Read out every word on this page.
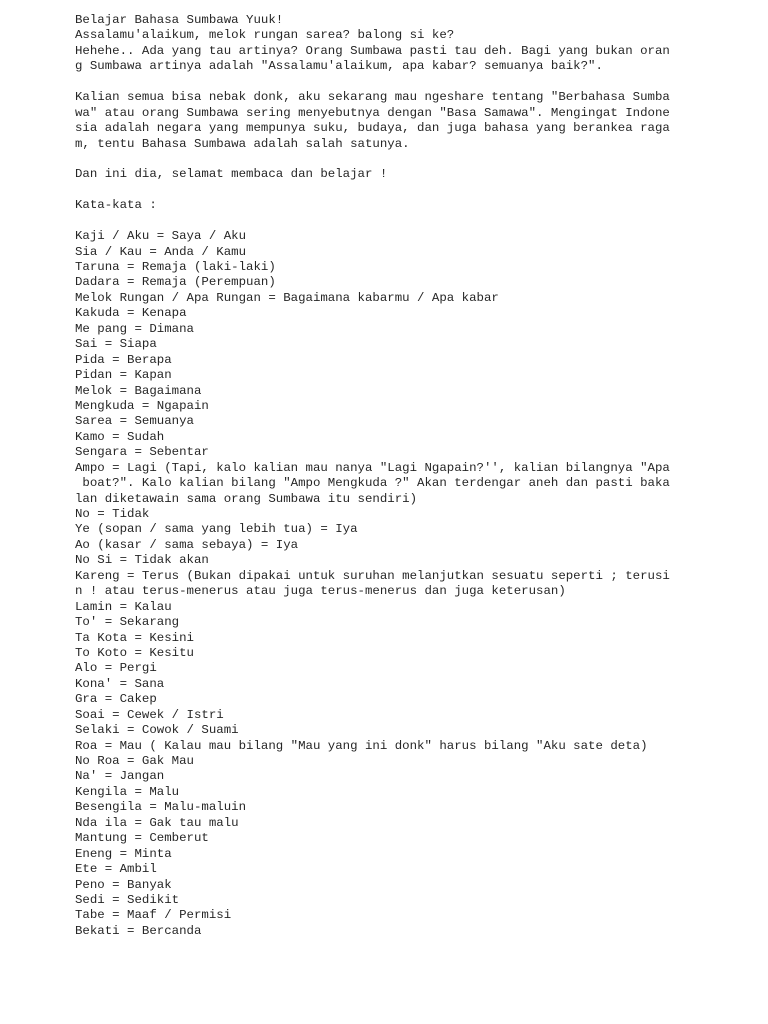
Belajar Bahasa Sumbawa Yuuk!
Assalamu'alaikum, melok rungan sarea? balong si ke?
Hehehe.. Ada yang tau artinya? Orang Sumbawa pasti tau deh. Bagi yang bukan oran
g Sumbawa artinya adalah "Assalamu'alaikum, apa kabar? semuanya baik?".
Kalian semua bisa nebak donk, aku sekarang mau ngeshare tentang "Berbahasa Sumba
wa" atau orang Sumbawa sering menyebutnya dengan "Basa Samawa". Mengingat Indone
sia adalah negara yang mempunya suku, budaya, dan juga bahasa yang berankea raga
m, tentu Bahasa Sumbawa adalah salah satunya.
Dan ini dia, selamat membaca dan belajar !
Kata-kata :
Kaji / Aku = Saya / Aku
Sia / Kau = Anda / Kamu
Taruna = Remaja (laki-laki)
Dadara = Remaja (Perempuan)
Melok Rungan / Apa Rungan = Bagaimana kabarmu / Apa kabar
Kakuda = Kenapa
Me pang = Dimana
Sai = Siapa
Pida = Berapa
Pidan = Kapan
Melok = Bagaimana
Mengkuda = Ngapain
Sarea = Semuanya
Kamo = Sudah
Sengara = Sebentar
Ampo = Lagi (Tapi, kalo kalian mau nanya "Lagi Ngapain?'', kalian bilangnya "Apa
boat?". Kalo kalian bilang "Ampo Mengkuda ?" Akan terdengar aneh dan pasti baka
lan diketawain sama orang Sumbawa itu sendiri)
No = Tidak
Ye (sopan / sama yang lebih tua) = Iya
Ao (kasar / sama sebaya) = Iya
No Si = Tidak akan
Kareng = Terus (Bukan dipakai untuk suruhan melanjutkan sesuatu seperti ; terusi
n ! atau terus-menerus atau juga terus-menerus dan juga keterusan)
Lamin = Kalau
To' = Sekarang
Ta Kota = Kesini
To Koto = Kesitu
Alo = Pergi
Kona' = Sana
Gra = Cakep
Soai = Cewek / Istri
Selaki = Cowok / Suami
Roa = Mau ( Kalau mau bilang "Mau yang ini donk" harus bilang "Aku sate deta)
No Roa = Gak Mau
Na' = Jangan
Kengila = Malu
Besengila = Malu-maluin
Nda ila = Gak tau malu
Mantung = Cemberut
Eneng = Minta
Ete = Ambil
Peno = Banyak
Sedi = Sedikit
Tabe = Maaf / Permisi
Bekati = Bercanda
